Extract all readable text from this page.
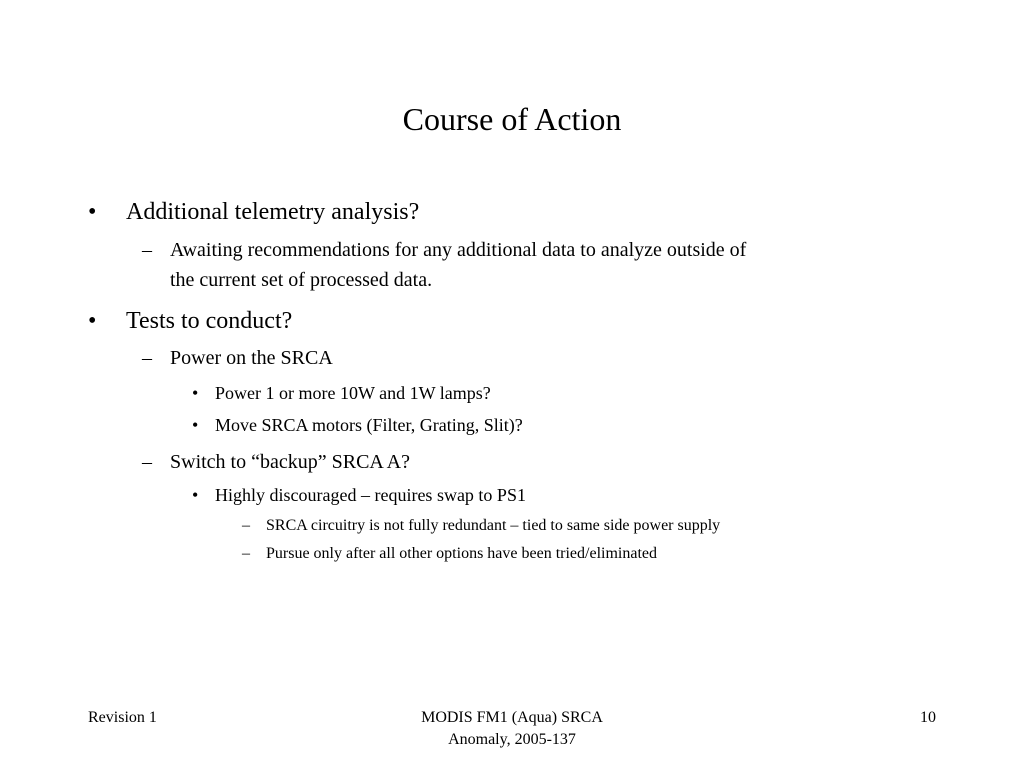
Course of Action
• Additional telemetry analysis?
– Awaiting recommendations for any additional data to analyze outside of
the current set of processed data.
• Tests to conduct?
– Power on the SRCA
• Power 1 or more 10W and 1W lamps?
• Move SRCA motors (Filter, Grating, Slit)?
– Switch to “backup” SRCA A?
• Highly discouraged – requires swap to PS1
– SRCA circuitry is not fully redundant – tied to same side power supply
– Pursue only after all other options have been tried/eliminated
Revision 1	MODIS FM1 (Aqua) SRCA
Anomaly, 2005-137
10
